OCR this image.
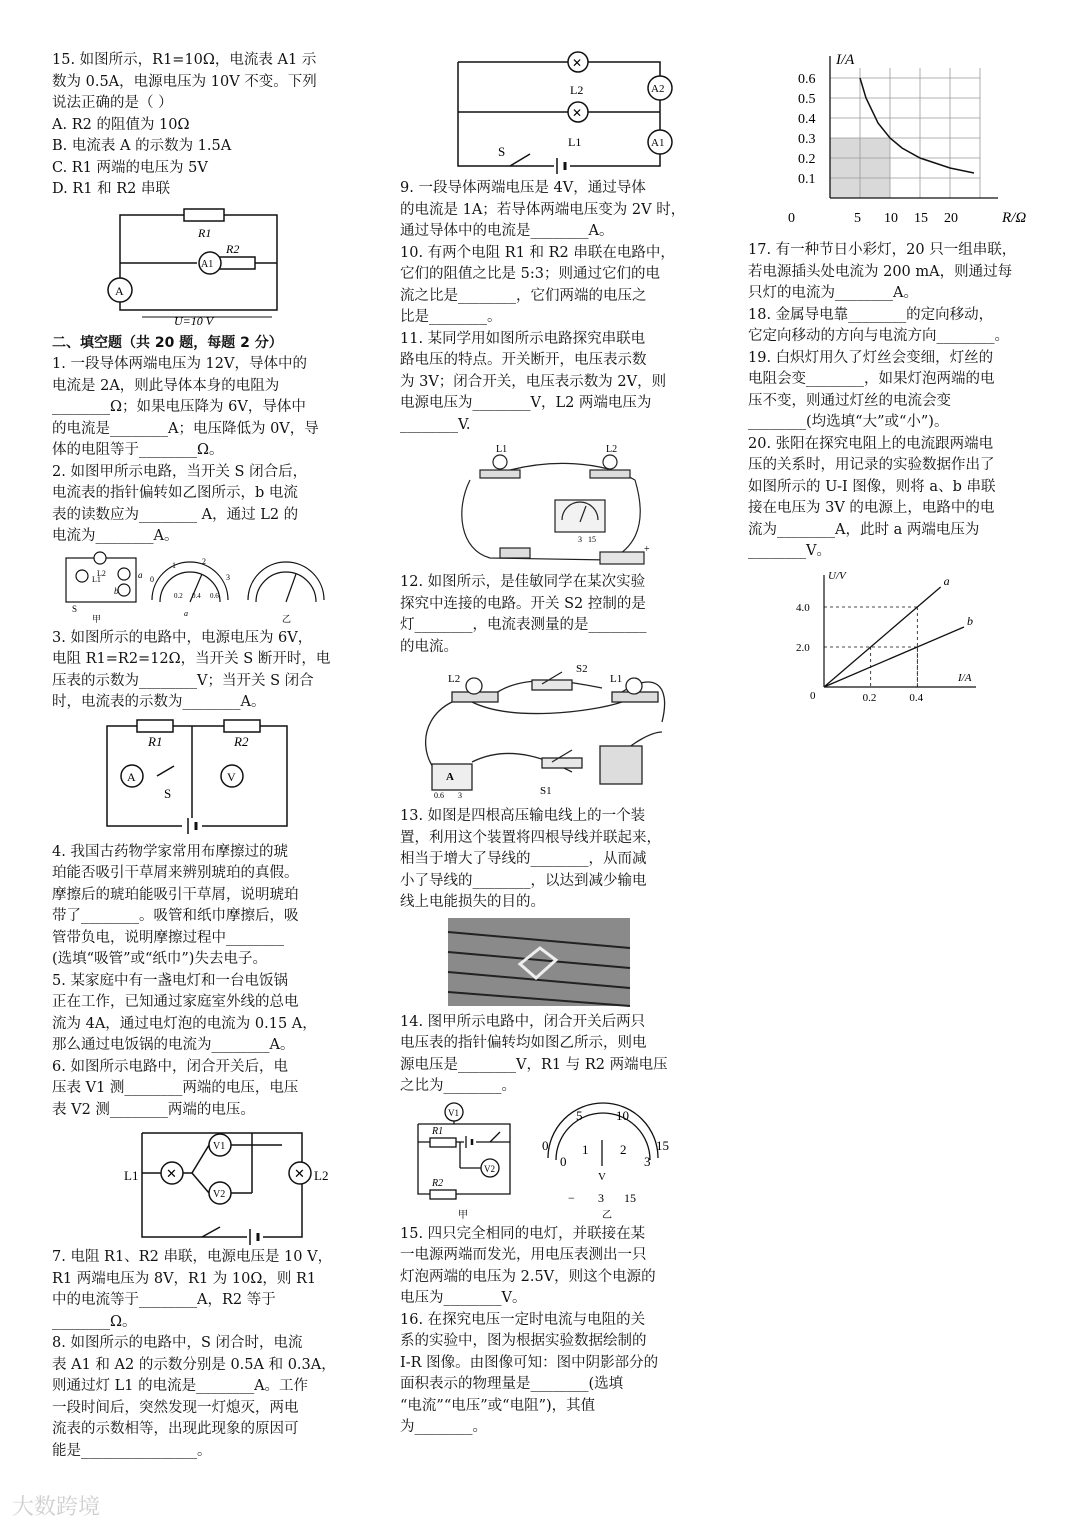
15. 如图所示，R1=10Ω，电流表 A1 示

数为 0.5A，电源电压为 10V 不变。下列

说法正确的是（ ）

A. R2 的阻值为 10Ω

B. 电流表 A 的示数为 1.5A

C. R1 两端的电压为 5V

D. R1 和 R2 串联

R1
R2
A1
A
U=10 V

二、填空题（共 20 题，每题 2 分）

1. 一段导体两端电压为 12V，导体中的

电流是 2A，则此导体本身的电阻为

________Ω；如果电压降为 6V，导体中

的电流是________A；电压降低为 0V，导

体的电阻等于________Ω。

2. 如图甲所示电路，当开关 S 闭合后，

电流表的指针偏转如乙图所示，b 电流

表的读数应为________ A，通过 L2 的

电流为________A。

L2
L1	a
b
S
甲
0
1	2
3
0.2 0.4 0.6
a
乙

3. 如图所示的电路中，电源电压为 6V，

电阻 R1=R2=12Ω，当开关 S 断开时，电

压表的示数为________V；当开关 S 闭合

时，电流表的示数为________A。

R1	R2
A	V
S

4. 我国古药物学家常用布摩擦过的琥

珀能否吸引干草屑来辨别琥珀的真假。

摩擦后的琥珀能吸引干草屑，说明琥珀

带了________。吸管和纸巾摩擦后，吸

管带负电，说明摩擦过程中________

(选填“吸管”或“纸巾”)失去电子。

5. 某家庭中有一盏电灯和一台电饭锅

正在工作，已知通过家庭室外线的总电

流为 4A，通过电灯泡的电流为 0.15 A，

那么通过电饭锅的电流为________A。

6. 如图所示电路中，闭合开关后，电

压表 V1 测________两端的电压，电压

表 V2 测________两端的电压。

✕	✕
L1	L2
V1
V2

7. 电阻 R1、R2 串联，电源电压是 10 V，

R1 两端电压为 8V，R1 为 10Ω，则 R1

中的电流等于________A，R2 等于

________Ω。

8. 如图所示的电路中，S 闭合时，电流

表 A1 和 A2 的示数分别是 0.5A 和 0.3A，

则通过灯 L1 的电流是________A。工作

一段时间后，突然发现一灯熄灭，两电

流表的示数相等，出现此现象的原因可

能是________________。

✕
✕
L2
L1
A2
A1
S

9. 一段导体两端电压是 4V，通过导体

的电流是 1A；若导体两端电压变为 2V 时，

通过导体中的电流是________A。

10. 有两个电阻 R1 和 R2 串联在电路中，

它们的阻值之比是 5:3；则通过它们的电

流之比是________，它们两端的电压之

比是________。

11. 某同学用如图所示电路探究串联电

路电压的特点。开关断开，电压表示数

为 3V；闭合开关，电压表示数为 2V，则

电源电压为________V，L2 两端电压为

________V.

L1	L2
3 15
+

12. 如图所示，是佳敏同学在某次实验

探究中连接的电路。开关 S2 控制的是

灯________，电流表测量的是________

的电流。

L2	L1
S2
S1
A
0.6 3

13. 如图是四根高压输电线上的一个装

置，利用这个装置将四根导线并联起来，

相当于增大了导线的________，从而减

小了导线的________，以达到减少输电

线上电能损失的目的。

14. 图甲所示电路中，闭合开关后两只

电压表的指针偏转均如图乙所示，则电

源电压是________V，R1 与 R2 两端电压

之比为________。

V1
V2
R1
R2
甲
0
5	10
15
0
1 2
3
V
− 3 15
乙

15. 四只完全相同的电灯，并联接在某

一电源两端而发光，用电压表测出一只

灯泡两端的电压为 2.5V，则这个电源的

电压为________V。

16. 在探究电压一定时电流与电阻的关

系的实验中，图为根据实验数据绘制的

I-R 图像。由图像可知：图中阴影部分的

面积表示的物理量是________(选填

“电流”“电压”或“电阻”)，其值

为________。

0.1
0.2
0.3
0.4
0.5
0.6
0	5 10 15 20
I/A
R/Ω

17. 有一种节日小彩灯，20 只一组串联，

若电源插头处电流为 200 mA，则通过每

只灯的电流为________A。

18. 金属导电靠________的定向移动，

它定向移动的方向与电流方向________。

19. 白炽灯用久了灯丝会变细，灯丝的

电阻会变________，如果灯泡两端的电

压不变，则通过灯丝的电流会变

________(均选填“大”或“小”)。

20. 张阳在探究电阻上的电流跟两端电

压的关系时，用记录的实验数据作出了

如图所示的 U-I 图像，则将 a、b 串联

接在电压为 3V 的电源上，电路中的电

流为________A，此时 a 两端电压为

________V。

a
b
4.0
2.0
0.2	0.4
0
U/V
I/A
大数跨境
